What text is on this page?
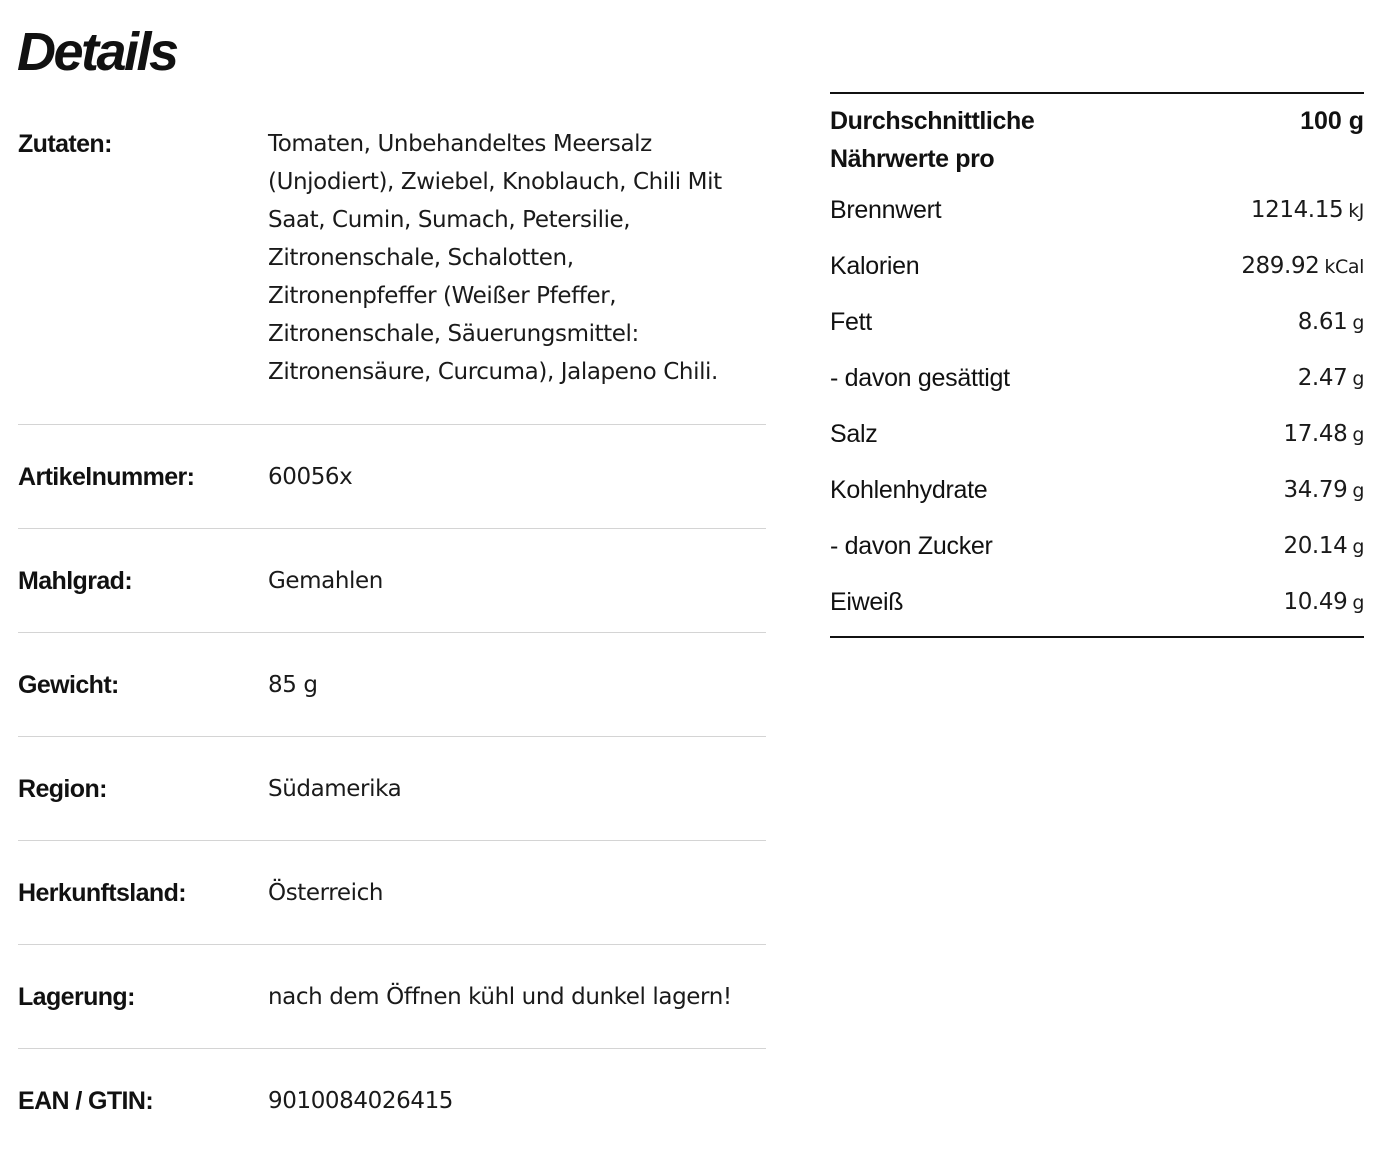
Details
Zutaten:	Tomaten, Unbehandeltes Meersalz
(Unjodiert), Zwiebel, Knoblauch, Chili Mit
Saat, Cumin, Sumach, Petersilie,
Zitronenschale, Schalotten,
Zitronenpfeffer (Weißer Pfeffer,
Zitronenschale, Säuerungsmittel:
Zitronensäure, Curcuma), Jalapeno Chili.
Artikelnummer:	60056x
Mahlgrad:	Gemahlen
Gewicht:	85 g
Region:	Südamerika
Herkunftsland:	Österreich
Lagerung:	nach dem Öffnen kühl und dunkel lagern!
EAN / GTIN:	9010084026415
Durchschnittliche
Nährwerte pro
100 g
Brennwert	1214.15 kJ
Kalorien	289.92 kCal
Fett	8.61 g
- davon gesättigt	2.47 g
Salz	17.48 g
Kohlenhydrate	34.79 g
- davon Zucker	20.14 g
Eiweiß	10.49 g
